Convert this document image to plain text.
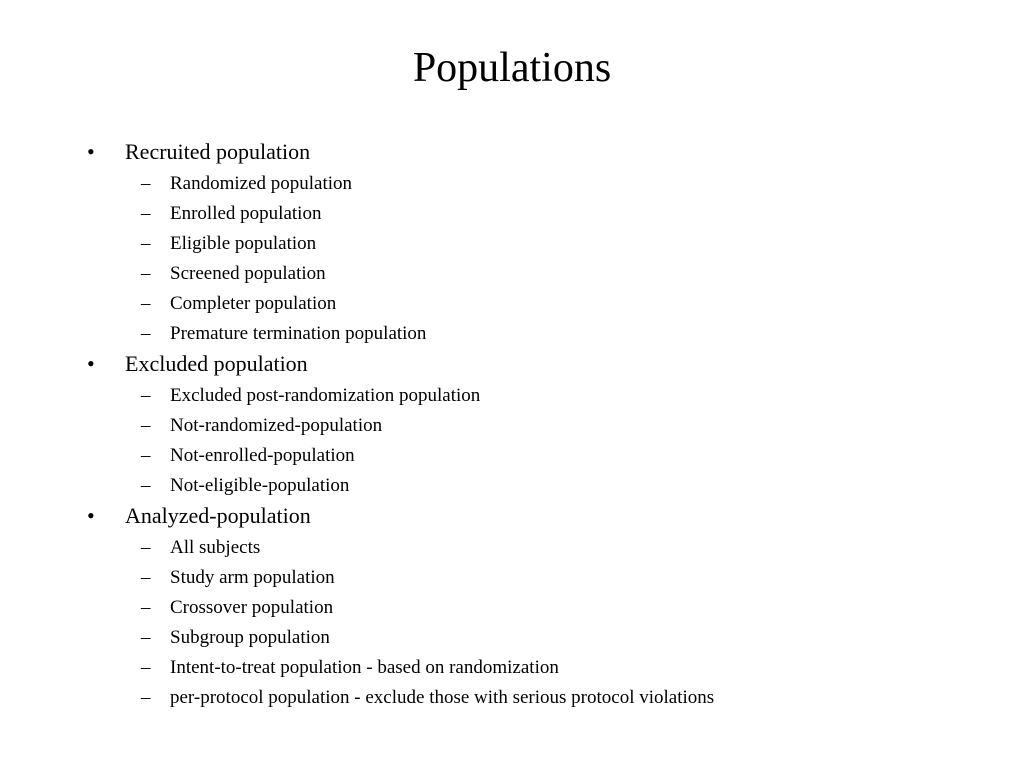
Populations
• Recruited population
– Randomized population
– Enrolled population
– Eligible population
– Screened population
– Completer population
– Premature termination population
• Excluded population
– Excluded post-randomization population
– Not-randomized-population
– Not-enrolled-population
– Not-eligible-population
• Analyzed-population
– All subjects
– Study arm population
– Crossover population
– Subgroup population
– Intent-to-treat population - based on randomization
– per-protocol population - exclude those with serious protocol violations
